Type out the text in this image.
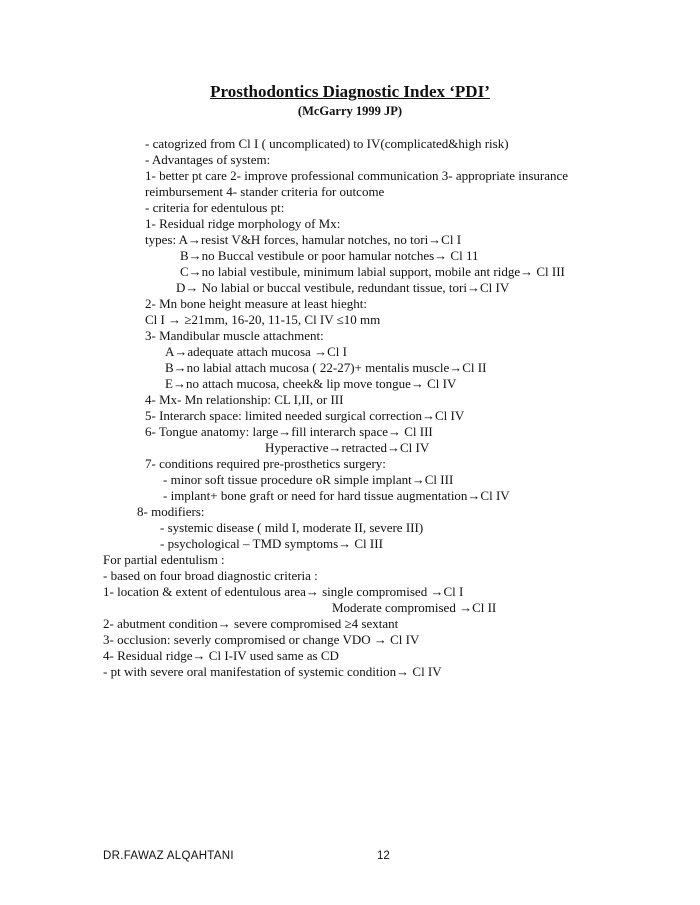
Prosthodontics Diagnostic Index ‘PDI’
(McGarry 1999 JP)
- catogrized from Cl I ( uncomplicated) to IV(complicated&high risk)
- Advantages of system:
1- better pt care 2- improve professional communication 3- appropriate insurance
reimbursement 4- stander criteria for outcome
- criteria for edentulous pt:
1- Residual ridge morphology of Mx:
types: A→resist V&H forces, hamular notches, no tori→Cl I
B→no Buccal vestibule or poor hamular notches→ Cl 11
C→no labial vestibule, minimum labial support, mobile ant ridge→ Cl III
D→ No labial or buccal vestibule, redundant tissue, tori→Cl IV
2- Mn bone height measure at least hieght:
Cl I → ≥21mm, 16-20, 11-15, Cl IV ≤10 mm
3- Mandibular muscle attachment:
A→adequate attach mucosa →Cl I
B→no labial attach mucosa ( 22-27)+ mentalis muscle→Cl II
E→no attach mucosa, cheek& lip move tongue→ Cl IV
4- Mx- Mn relationship: CL I,II, or III
5- Interarch space: limited needed surgical correction→Cl IV
6- Tongue anatomy: large→fill interarch space→ Cl III
Hyperactive→retracted→Cl IV
7- conditions required pre-prosthetics surgery:
- minor soft tissue procedure oR simple implant→Cl III
- implant+ bone graft or need for hard tissue augmentation→Cl IV
8- modifiers:
- systemic disease ( mild I, moderate II, severe III)
- psychological – TMD symptoms→ Cl III
For partial edentulism :
- based on four broad diagnostic criteria :
1- location & extent of edentulous area→ single compromised →Cl I
Moderate compromised →Cl II
2- abutment condition→ severe compromised ≥4 sextant
3- occlusion: severly compromised or change VDO → Cl IV
4- Residual ridge→ Cl I-IV used same as CD
- pt with severe oral manifestation of systemic condition→ Cl IV
DR.FAWAZ ALQAHTANI	12
